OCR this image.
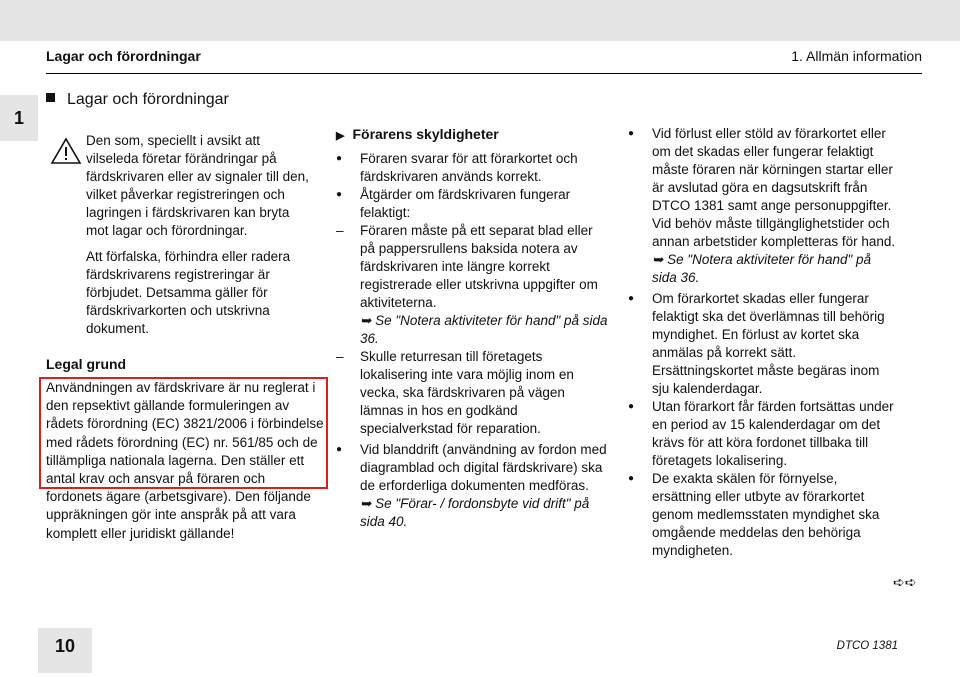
Lagar och förordningar	1. Allmän information
1
Lagar och förordningar

Den som, speciellt i avsikt att vilseleda företar förändringar på färdskrivaren eller av signaler till den, vilket påverkar registreringen och lagringen i färdskrivaren kan bryta mot lagar och förordningar.

Att förfalska, förhindra eller radera färdskrivarens registreringar är förbjudet. Detsamma gäller för färdskrivarkorten och utskrivna dokument.

Legal grund
Användningen av färdskrivare är nu reglerat i den repsektivt gällande formuleringen av rådets förordning (EC) 3821/2006 i förbindelse med rådets förordning (EC) nr. 561/85 och de tillämpliga nationala lagerna. Den ställer ett antal krav och ansvar på föraren och fordonets ägare (arbetsgivare). Den följande uppräkningen gör inte anspråk på att vara komplett eller juridiskt gällande!
▶ Förarens skyldigheter

● Föraren svarar för att förarkortet och färdskrivaren används korrekt.

● Åtgärder om färdskrivaren fungerar felaktigt:

– Föraren måste på ett separat blad eller på pappersrullens baksida notera av färdskrivaren inte längre korrekt registrerade eller utskrivna uppgifter om aktiviteterna.

➥ Se "Notera aktiviteter för hand" på sida 36.

– Skulle returresan till företagets lokalisering inte vara möjlig inom en vecka, ska färdskrivaren på vägen lämnas in hos en godkänd specialverkstad för reparation.

● Vid blanddrift (användning av fordon med diagramblad och digital färdskrivare) ska de erforderliga dokumenten medföras.

➥ Se "Förar- / fordonsbyte vid drift" på sida 40.

● Vid förlust eller stöld av förarkortet eller om det skadas eller fungerar felaktigt måste föraren när körningen startar eller är avslutad göra en dagsutskrift från DTCO 1381 samt ange personuppgifter. Vid behöv måste tillgänglighetstider och annan arbetstider kompletteras för hand.

➥ Se "Notera aktiviteter för hand" på sida 36.

● Om förarkortet skadas eller fungerar felaktigt ska det överlämnas till behörig myndighet. En förlust av kortet ska anmälas på korrekt sätt. Ersättningskortet måste begäras inom sju kalenderdagar.

● Utan förarkort får färden fortsättas under en period av 15 kalenderdagar om det krävs för att köra fordonet tillbaka till företagets lokalisering.

● De exakta skälen för förnyelse, ersättning eller utbyte av förarkortet genom medlemsstaten myndighet ska omgående meddelas den behöriga myndigheten.

➪➪
10	DTCO 1381
